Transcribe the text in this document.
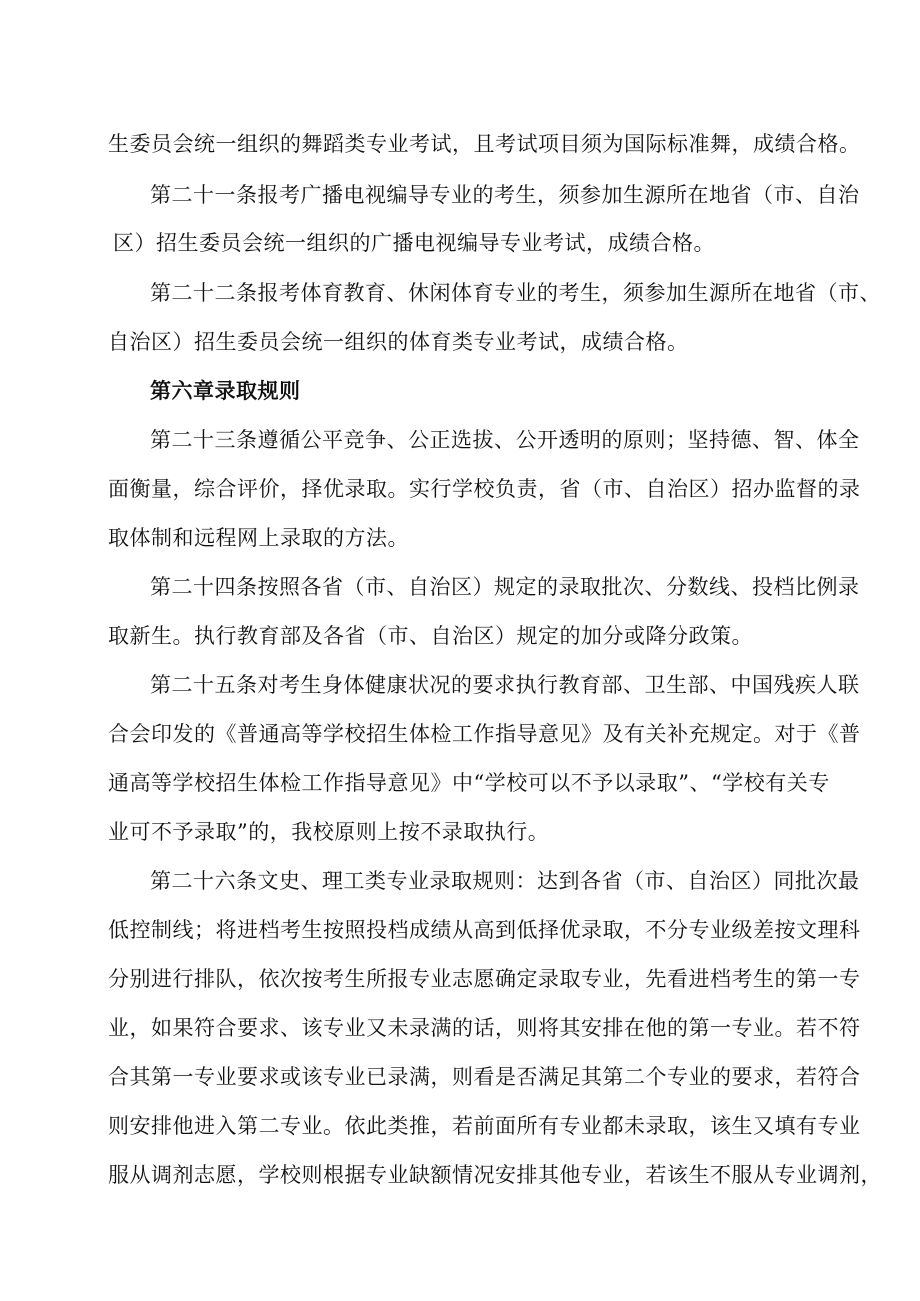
生委员会统一组织的舞蹈类专业考试，且考试项目须为国际标准舞，成绩合格。
第二十一条报考广播电视编导专业的考生，须参加生源所在地省（市、自治
区）招生委员会统一组织的广播电视编导专业考试，成绩合格。
第二十二条报考体育教育、休闲体育专业的考生，须参加生源所在地省（市、
自治区）招生委员会统一组织的体育类专业考试，成绩合格。
第六章录取规则
第二十三条遵循公平竞争、公正选拔、公开透明的原则；坚持德、智、体全
面衡量，综合评价，择优录取。实行学校负责，省（市、自治区）招办监督的录
取体制和远程网上录取的方法。
第二十四条按照各省（市、自治区）规定的录取批次、分数线、投档比例录
取新生。执行教育部及各省（市、自治区）规定的加分或降分政策。
第二十五条对考生身体健康状况的要求执行教育部、卫生部、中国残疾人联
合会印发的《普通高等学校招生体检工作指导意见》及有关补充规定。对于《普
通高等学校招生体检工作指导意见》中“学校可以不予以录取”、“学校有关专
业可不予录取”的，我校原则上按不录取执行。
第二十六条文史、理工类专业录取规则：达到各省（市、自治区）同批次最
低控制线；将进档考生按照投档成绩从高到低择优录取，不分专业级差按文理科
分别进行排队，依次按考生所报专业志愿确定录取专业，先看进档考生的第一专
业，如果符合要求、该专业又未录满的话，则将其安排在他的第一专业。若不符
合其第一专业要求或该专业已录满，则看是否满足其第二个专业的要求，若符合
则安排他进入第二专业。依此类推，若前面所有专业都未录取，该生又填有专业
服从调剂志愿，学校则根据专业缺额情况安排其他专业，若该生不服从专业调剂，
